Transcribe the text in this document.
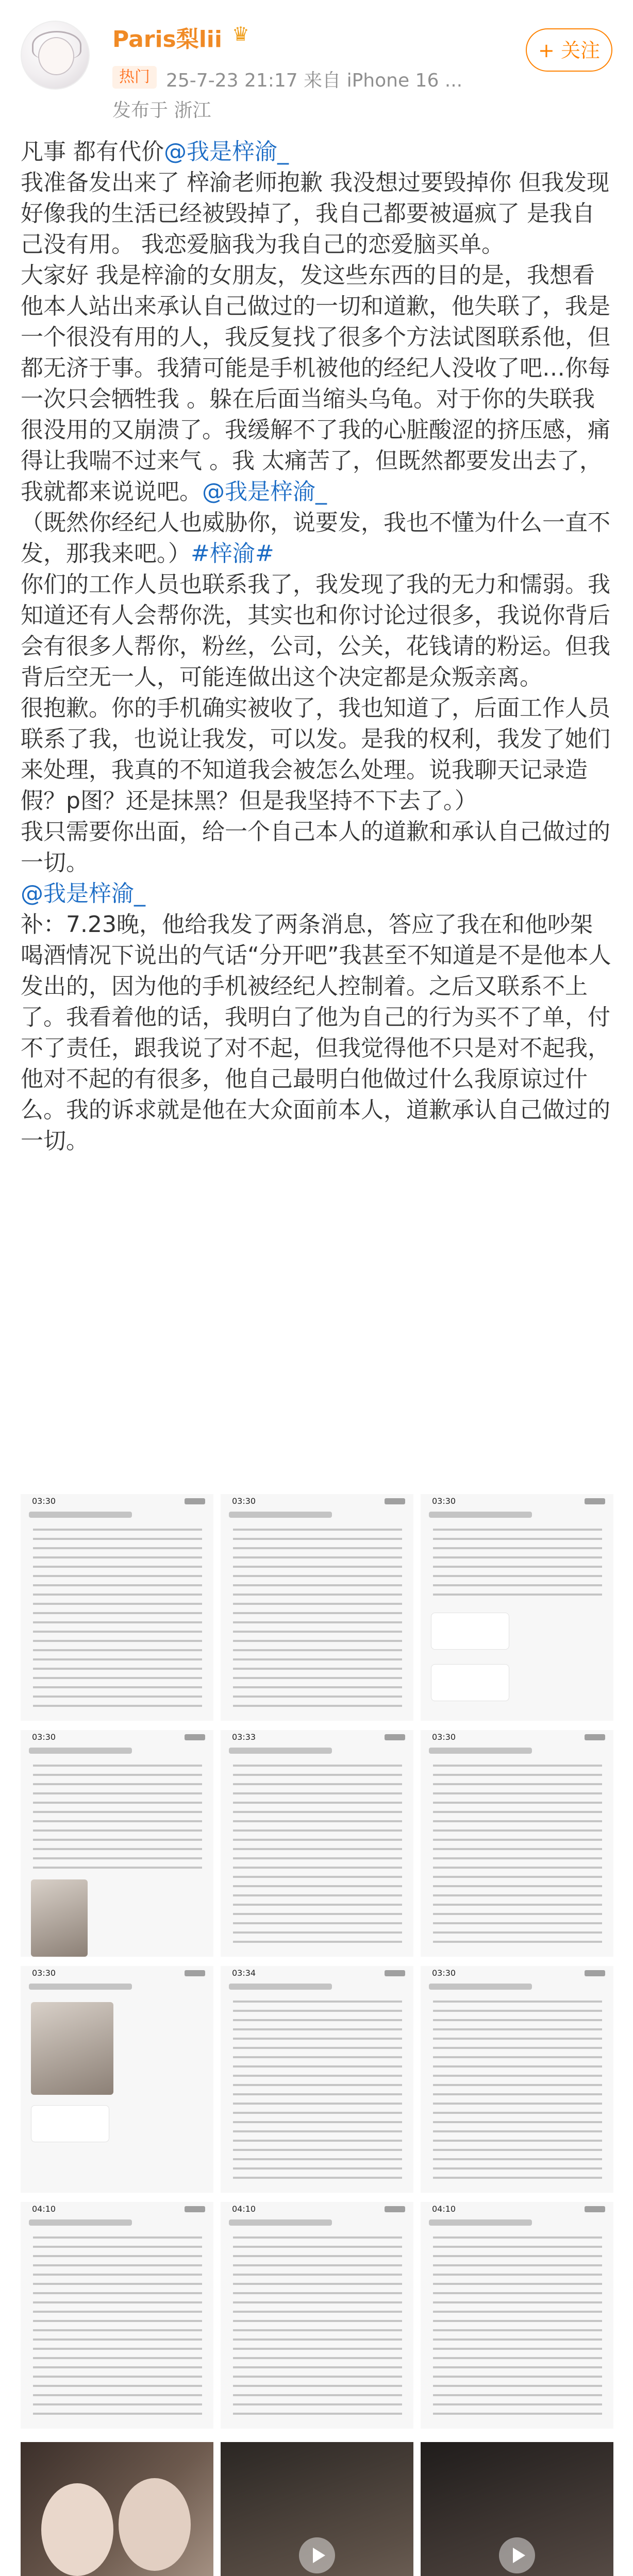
Paris梨lii ♛
热门 25-7-23 21:17 来自 iPhone 16 ...
发布于 浙江
+ 关注

凡事 都有代价@我是梓渝_

我准备发出来了 梓渝老师抱歉 我没想过要毁掉你 但我发现好像我的生活已经被毁掉了，我自己都要被逼疯了 是我自己没有用。 我恋爱脑我为我自己的恋爱脑买单。

大家好 我是梓渝的女朋友，发这些东西的目的是，我想看他本人站出来承认自己做过的一切和道歉，他失联了，我是一个很没有用的人，我反复找了很多个方法试图联系他，但都无济于事。我猜可能是手机被他的经纪人没收了吧…你每一次只会牺牲我 。躲在后面当缩头乌龟。对于你的失联我很没用的又崩溃了。我缓解不了我的心脏酸涩的挤压感，痛得让我喘不过来气 。我 太痛苦了，但既然都要发出去了，我就都来说说吧。@我是梓渝_

（既然你经纪人也威胁你，说要发，我也不懂为什么一直不发，那我来吧。）#梓渝#

你们的工作人员也联系我了，我发现了我的无力和懦弱。我知道还有人会帮你洗，其实也和你讨论过很多，我说你背后会有很多人帮你，粉丝，公司，公关，花钱请的粉运。但我背后空无一人，可能连做出这个决定都是众叛亲离。

很抱歉。你的手机确实被收了，我也知道了，后面工作人员联系了我，也说让我发，可以发。是我的权利，我发了她们来处理，我真的不知道我会被怎么处理。说我聊天记录造假？p图？还是抹黑？但是我坚持不下去了。）

我只需要你出面，给一个自己本人的道歉和承认自己做过的一切。

@我是梓渝_

补：7.23晚，他给我发了两条消息，答应了我在和他吵架喝酒情况下说出的气话“分开吧”我甚至不知道是不是他本人发出的，因为他的手机被经纪人控制着。之后又联系不上了。我看着他的话，我明白了他为自己的行为买不了单，付不了责任，跟我说了对不起，但我觉得他不只是对不起我，他对不起的有很多，他自己最明白他做过什么我原谅过什么。我的诉求就是他在大众面前本人，道歉承认自己做过的一切。

03:30	03:30	03:30
03:30	03:33	03:30
03:30	03:34	03:30
04:10	04:10	04:10
